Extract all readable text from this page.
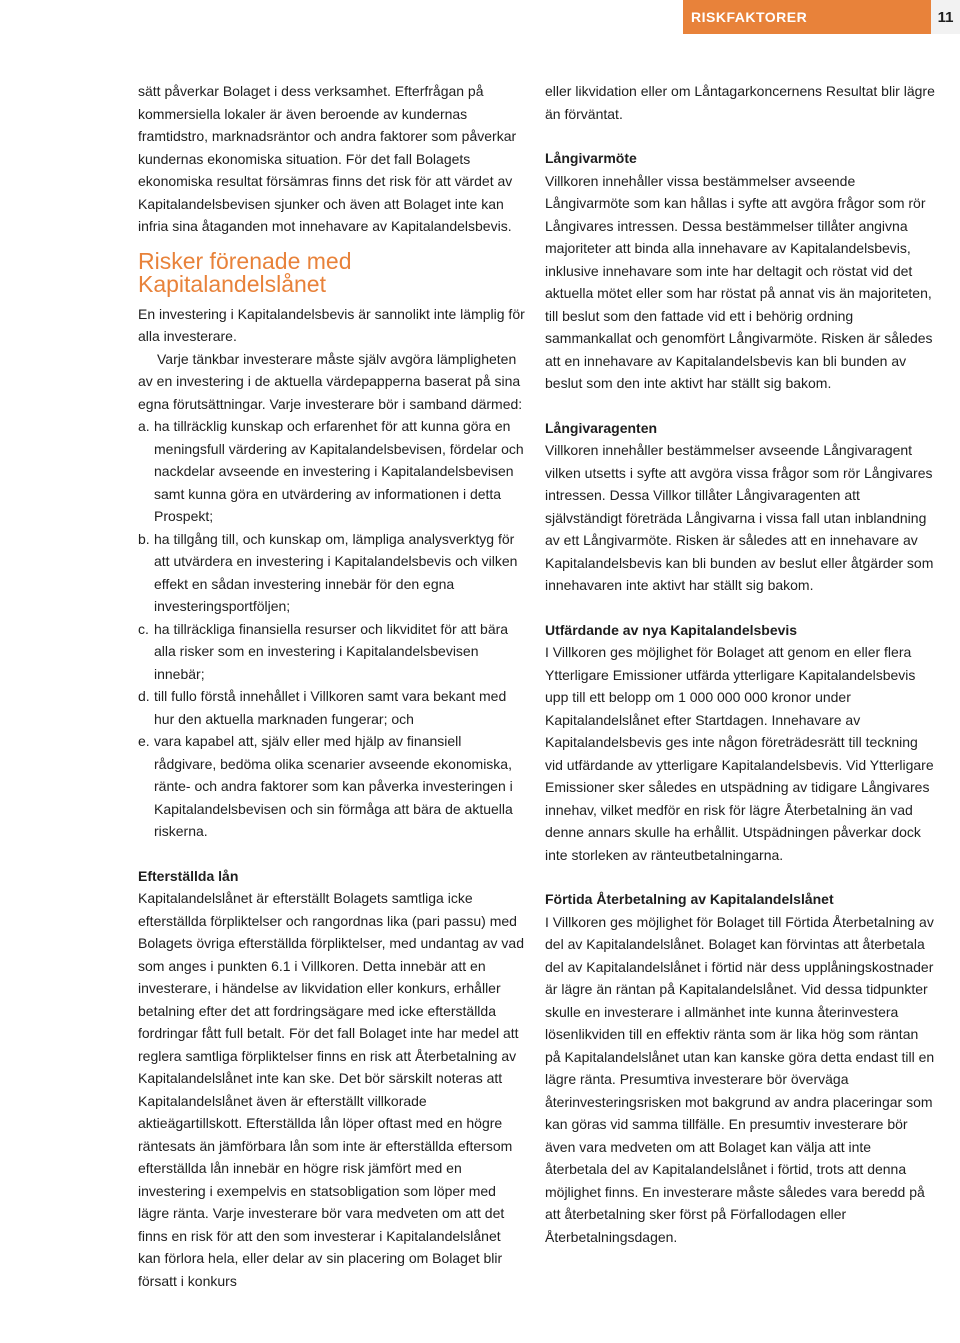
RISKFAKTORER	11

sätt påverkar Bolaget i dess verksamhet. Efterfrågan på kommersiella lokaler är även beroende av kundernas framtidstro, marknadsräntor och andra faktorer som påverkar kundernas ekonomiska situation. För det fall Bolagets ekonomiska resultat försämras finns det risk för att värdet av Kapitalandelsbevisen sjunker och även att Bolaget inte kan infria sina åtaganden mot innehavare av Kapitalandelsbevis.

Risker förenade med Kapitalandelslånet

En investering i Kapitalandelsbevis är sannolikt inte lämplig för alla investerare.

Varje tänkbar investerare måste själv avgöra lämpligheten av en investering i de aktuella värdepapperna baserat på sina egna förutsättningar. Varje investerare bör i samband därmed:

a. ha tillräcklig kunskap och erfarenhet för att kunna göra en meningsfull värdering av Kapitalandelsbevisen, fördelar och nackdelar avseende en investering i Kapitalandelsbevisen samt kunna göra en utvärdering av informationen i detta Prospekt;
b. ha tillgång till, och kunskap om, lämpliga analysverktyg för att utvärdera en investering i Kapitalandelsbevis och vilken effekt en sådan investering innebär för den egna investeringsportföljen;
c. ha tillräckliga finansiella resurser och likviditet för att bära alla risker som en investering i Kapitalandelsbevisen innebär;
d. till fullo förstå innehållet i Villkoren samt vara bekant med hur den aktuella marknaden fungerar; och
e. vara kapabel att, själv eller med hjälp av finansiell rådgivare, bedöma olika scenarier avseende ekonomiska, ränte- och andra faktorer som kan påverka investeringen i Kapitalandelsbevisen och sin förmåga att bära de aktuella riskerna.
Efterställda lån

Kapitalandelslånet är efterställt Bolagets samtliga icke efterställda förpliktelser och rangordnas lika (pari passu) med Bolagets övriga efterställda förpliktelser, med undantag av vad som anges i punkten 6.1 i Villkoren. Detta innebär att en investerare, i händelse av likvidation eller konkurs, erhåller betalning efter det att fordringsägare med icke efterställda fordringar fått full betalt. För det fall Bolaget inte har medel att reglera samtliga förpliktelser finns en risk att Återbetalning av Kapitalandelslånet inte kan ske. Det bör särskilt noteras att Kapitalandelslånet även är efterställt villkorade aktieägartillskott. Efterställda lån löper oftast med en högre räntesats än jämförbara lån som inte är efterställda eftersom efterställda lån innebär en högre risk jämfört med en investering i exempelvis en statsobligation som löper med lägre ränta. Varje investerare bör vara medveten om att det finns en risk för att den som investerar i Kapitalandelslånet kan förlora hela, eller delar av sin placering om Bolaget blir försatt i konkurs

eller likvidation eller om Låntagarkoncernens Resultat blir lägre än förväntat.

Långivarmöte

Villkoren innehåller vissa bestämmelser avseende Långivarmöte som kan hållas i syfte att avgöra frågor som rör Långivares intressen. Dessa bestämmelser tillåter angivna majoriteter att binda alla innehavare av Kapitalandelsbevis, inklusive innehavare som inte har deltagit och röstat vid det aktuella mötet eller som har röstat på annat vis än majoriteten, till beslut som den fattade vid ett i behörig ordning sammankallat och genomfört Långivarmöte. Risken är således att en innehavare av Kapitalandelsbevis kan bli bunden av beslut som den inte aktivt har ställt sig bakom.

Långivaragenten

Villkoren innehåller bestämmelser avseende Långivaragent vilken utsetts i syfte att avgöra vissa frågor som rör Långivares intressen. Dessa Villkor tillåter Långivaragenten att självständigt företräda Långivarna i vissa fall utan inblandning av ett Långivarmöte. Risken är således att en innehavare av Kapitalandelsbevis kan bli bunden av beslut eller åtgärder som innehavaren inte aktivt har ställt sig bakom.

Utfärdande av nya Kapitalandelsbevis

I Villkoren ges möjlighet för Bolaget att genom en eller flera Ytterligare Emissioner utfärda ytterligare Kapitalandelsbevis upp till ett belopp om 1 000 000 000 kronor under Kapitalandelslånet efter Startdagen. Innehavare av Kapitalandelsbevis ges inte någon företrädesrätt till teckning vid utfärdande av ytterligare Kapitalandelsbevis. Vid Ytterligare Emissioner sker således en utspädning av tidigare Långivares innehav, vilket medför en risk för lägre Återbetalning än vad denne annars skulle ha erhållit. Utspädningen påverkar dock inte storleken av ränteutbetalningarna.

Förtida Återbetalning av Kapitalandelslånet

I Villkoren ges möjlighet för Bolaget till Förtida Återbetalning av del av Kapitalandelslånet. Bolaget kan förvintas att återbetala del av Kapitalandelslånet i förtid när dess upplåningskostnader är lägre än räntan på Kapitalandelslånet. Vid dessa tidpunkter skulle en investerare i allmänhet inte kunna återinvestera lösenlikviden till en effektiv ränta som är lika hög som räntan på Kapitalandelslånet utan kan kanske göra detta endast till en lägre ränta. Presumtiva investerare bör överväga återinvesteringsrisken mot bakgrund av andra placeringar som kan göras vid samma tillfälle. En presumtiv investerare bör även vara medveten om att Bolaget kan välja att inte återbetala del av Kapitalandelslånet i förtid, trots att denna möjlighet finns. En investerare måste således vara beredd på att återbetalning sker först på Förfallodagen eller Återbetalningsdagen.
